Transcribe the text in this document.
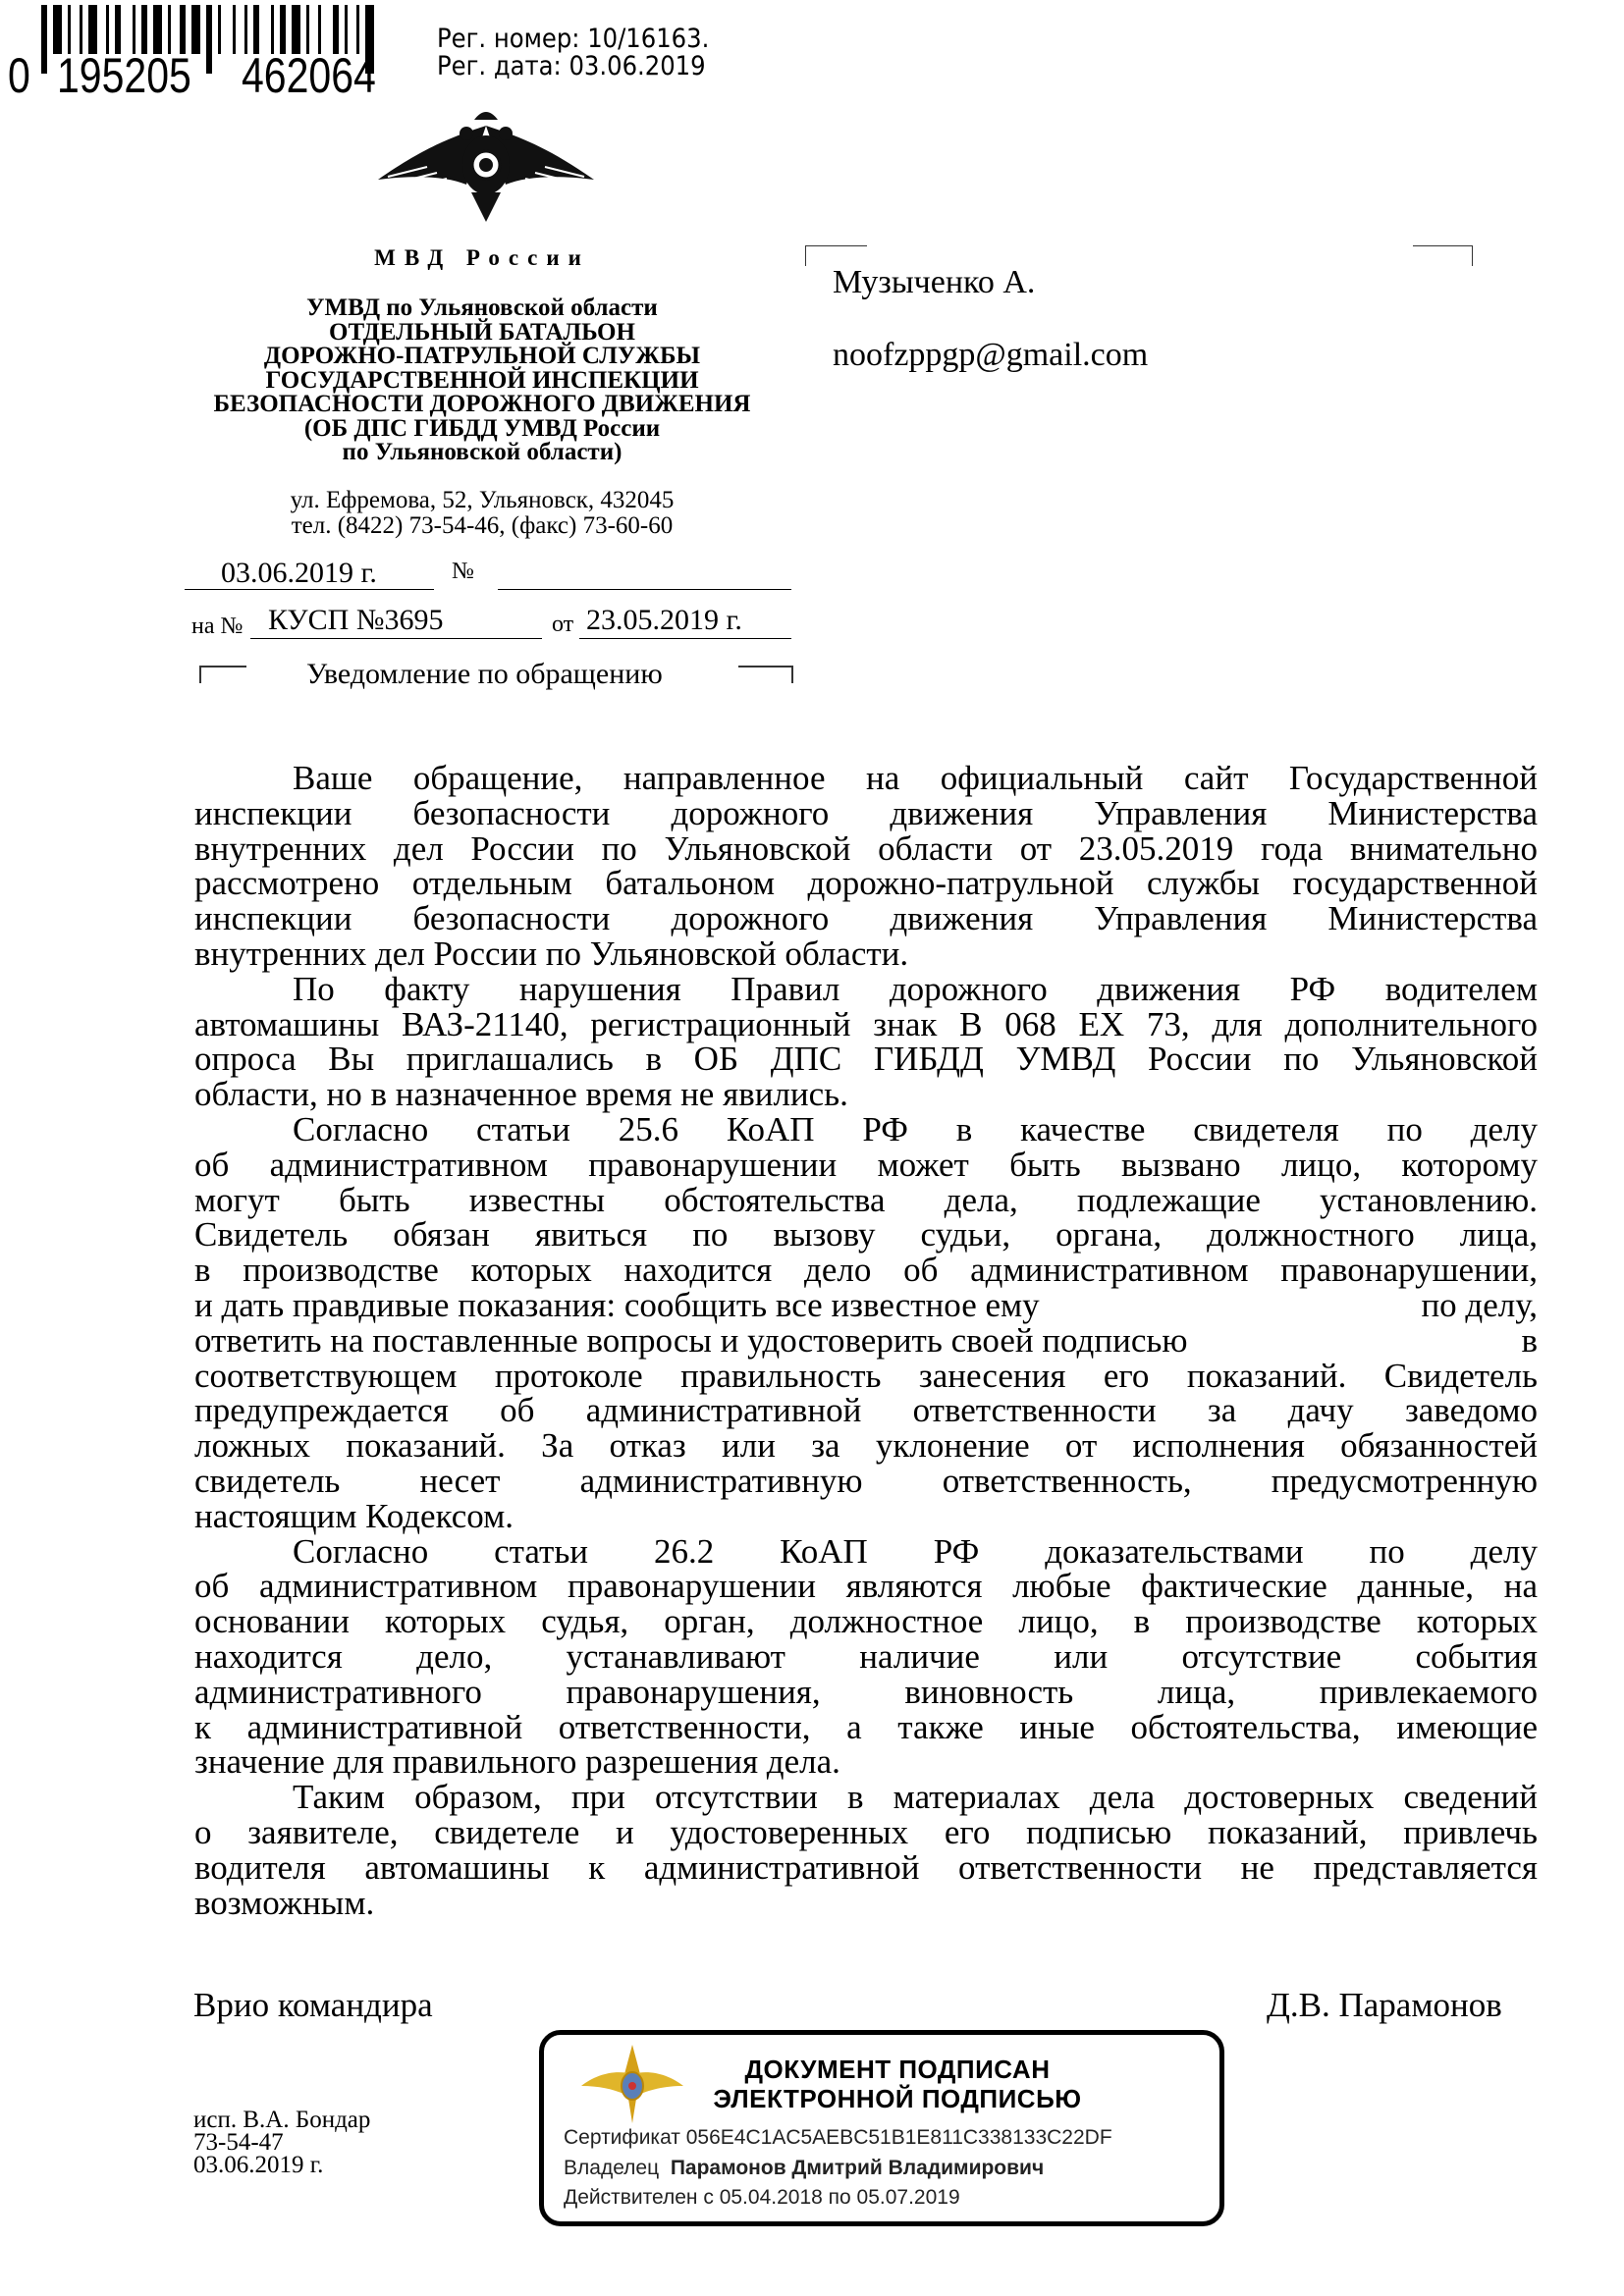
0 195205 462064
Рег. номер: 10/16163.
Рег. дата: 03.06.2019
МВД России
УМВД по Ульяновской области
ОТДЕЛЬНЫЙ БАТАЛЬОН
ДОРОЖНО-ПАТРУЛЬНОЙ СЛУЖБЫ
ГОСУДАРСТВЕННОЙ ИНСПЕКЦИИ
БЕЗОПАСНОСТИ ДОРОЖНОГО ДВИЖЕНИЯ
(ОБ ДПС ГИБДД УМВД России
по Ульяновской области)
ул. Ефремова, 52, Ульяновск, 432045
тел. (8422) 73-54-46, (факс) 73-60-60
03.06.2019 г.	№
на № КУСП №3695	от 23.05.2019 г.
Уведомление по обращению
Музыченко А.
noofzppgp@gmail.com
Ваше обращение, направленное на официальный сайт Государственной
инспекции безопасности дорожного движения Управления Министерства
внутренних дел России по Ульяновской области от 23.05.2019 года внимательно
рассмотрено отдельным батальоном дорожно-патрульной службы государственной
инспекции безопасности дорожного движения Управления Министерства
внутренних дел России по Ульяновской области.
По факту нарушения Правил дорожного движения РФ водителем
автомашины ВАЗ-21140, регистрационный знак В 068 ЕХ 73, для дополнительного
опроса Вы приглашались в ОБ ДПС ГИБДД УМВД России по Ульяновской
области, но в назначенное время не явились.
Согласно статьи 25.6 КоАП РФ в качестве свидетеля по делу
об административном правонарушении может быть вызвано лицо, которому
могут быть известны обстоятельства дела, подлежащие установлению.
Свидетель обязан явиться по вызову судьи, органа, должностного лица,
в производстве которых находится дело об административном правонарушении,
и дать правдивые показания: сообщить все известное ему	по делу,
ответить на поставленные вопросы и удостоверить своей подписью	в
соответствующем протоколе правильность занесения его показаний. Свидетель
предупреждается об административной ответственности за дачу заведомо
ложных показаний. За отказ или за уклонение от исполнения обязанностей
свидетель несет административную ответственность, предусмотренную
настоящим Кодексом.
Согласно статьи 26.2 КоАП РФ доказательствами по делу
об административном правонарушении являются любые фактические данные, на
основании которых судья, орган, должностное лицо, в производстве которых
находится дело, устанавливают наличие или отсутствие события
административного правонарушения, виновность лица, привлекаемого
к административной ответственности, а также иные обстоятельства, имеющие
значение для правильного разрешения дела.
Таким образом, при отсутствии в материалах дела достоверных сведений
о заявителе, свидетеле и удостоверенных его подписью показаний, привлечь
водителя автомашины к административной ответственности не представляется
возможным.
Врио командира	Д.В. Парамонов
исп. В.А. Бондар
73-54-47
03.06.2019 г.
ДОКУМЕНТ ПОДПИСАН
ЭЛЕКТРОННОЙ ПОДПИСЬЮ
Сертификат 056E4C1AC5AEBC51B1E811C338133C22DF
Владелец Парамонов Дмитрий Владимирович
Действителен с 05.04.2018 по 05.07.2019
